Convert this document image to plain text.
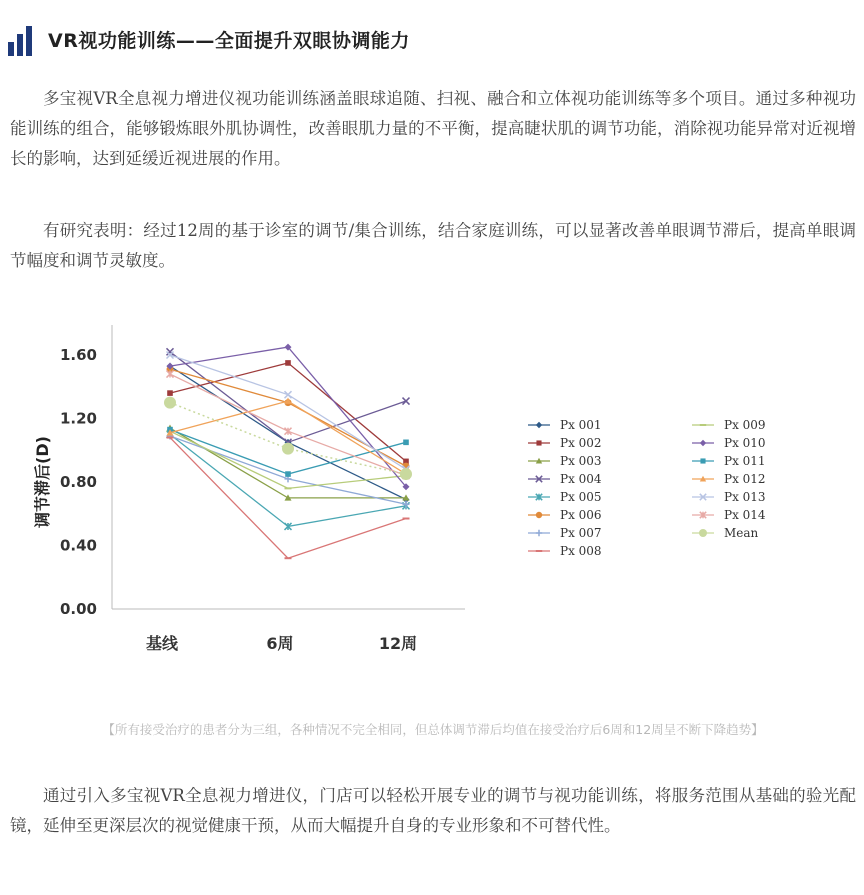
VR视功能训练——全面提升双眼协调能力

多宝视VR全息视力增进仪视功能训练涵盖眼球追随、扫视、融合和立体视功能训练等多个项目。通过多种视功能训练的组合，能够锻炼眼外肌协调性，改善眼肌力量的不平衡，提高睫状肌的调节功能，消除视功能异常对近视增长的影响，达到延缓近视进展的作用。

有研究表明：经过12周的基于诊室的调节/集合训练，结合家庭训练，可以显著改善单眼调节滞后，提高单眼调节幅度和调节灵敏度。

0.00
0.40
0.80
1.20
1.60
基线	6周	12周
调节滞后(D)
Px 001
Px 002
Px 003
Px 004
Px 005
Px 006
Px 007
Px 008
Px 009
Px 010
Px 011
Px 012
Px 013
Px 014
Mean
【所有接受治疗的患者分为三组，各种情况不完全相同，但总体调节滞后均值在接受治疗后6周和12周呈不断下降趋势】

通过引入多宝视VR全息视力增进仪，门店可以轻松开展专业的调节与视功能训练，将服务范围从基础的验光配镜，延伸至更深层次的视觉健康干预，从而大幅提升自身的专业形象和不可替代性。
